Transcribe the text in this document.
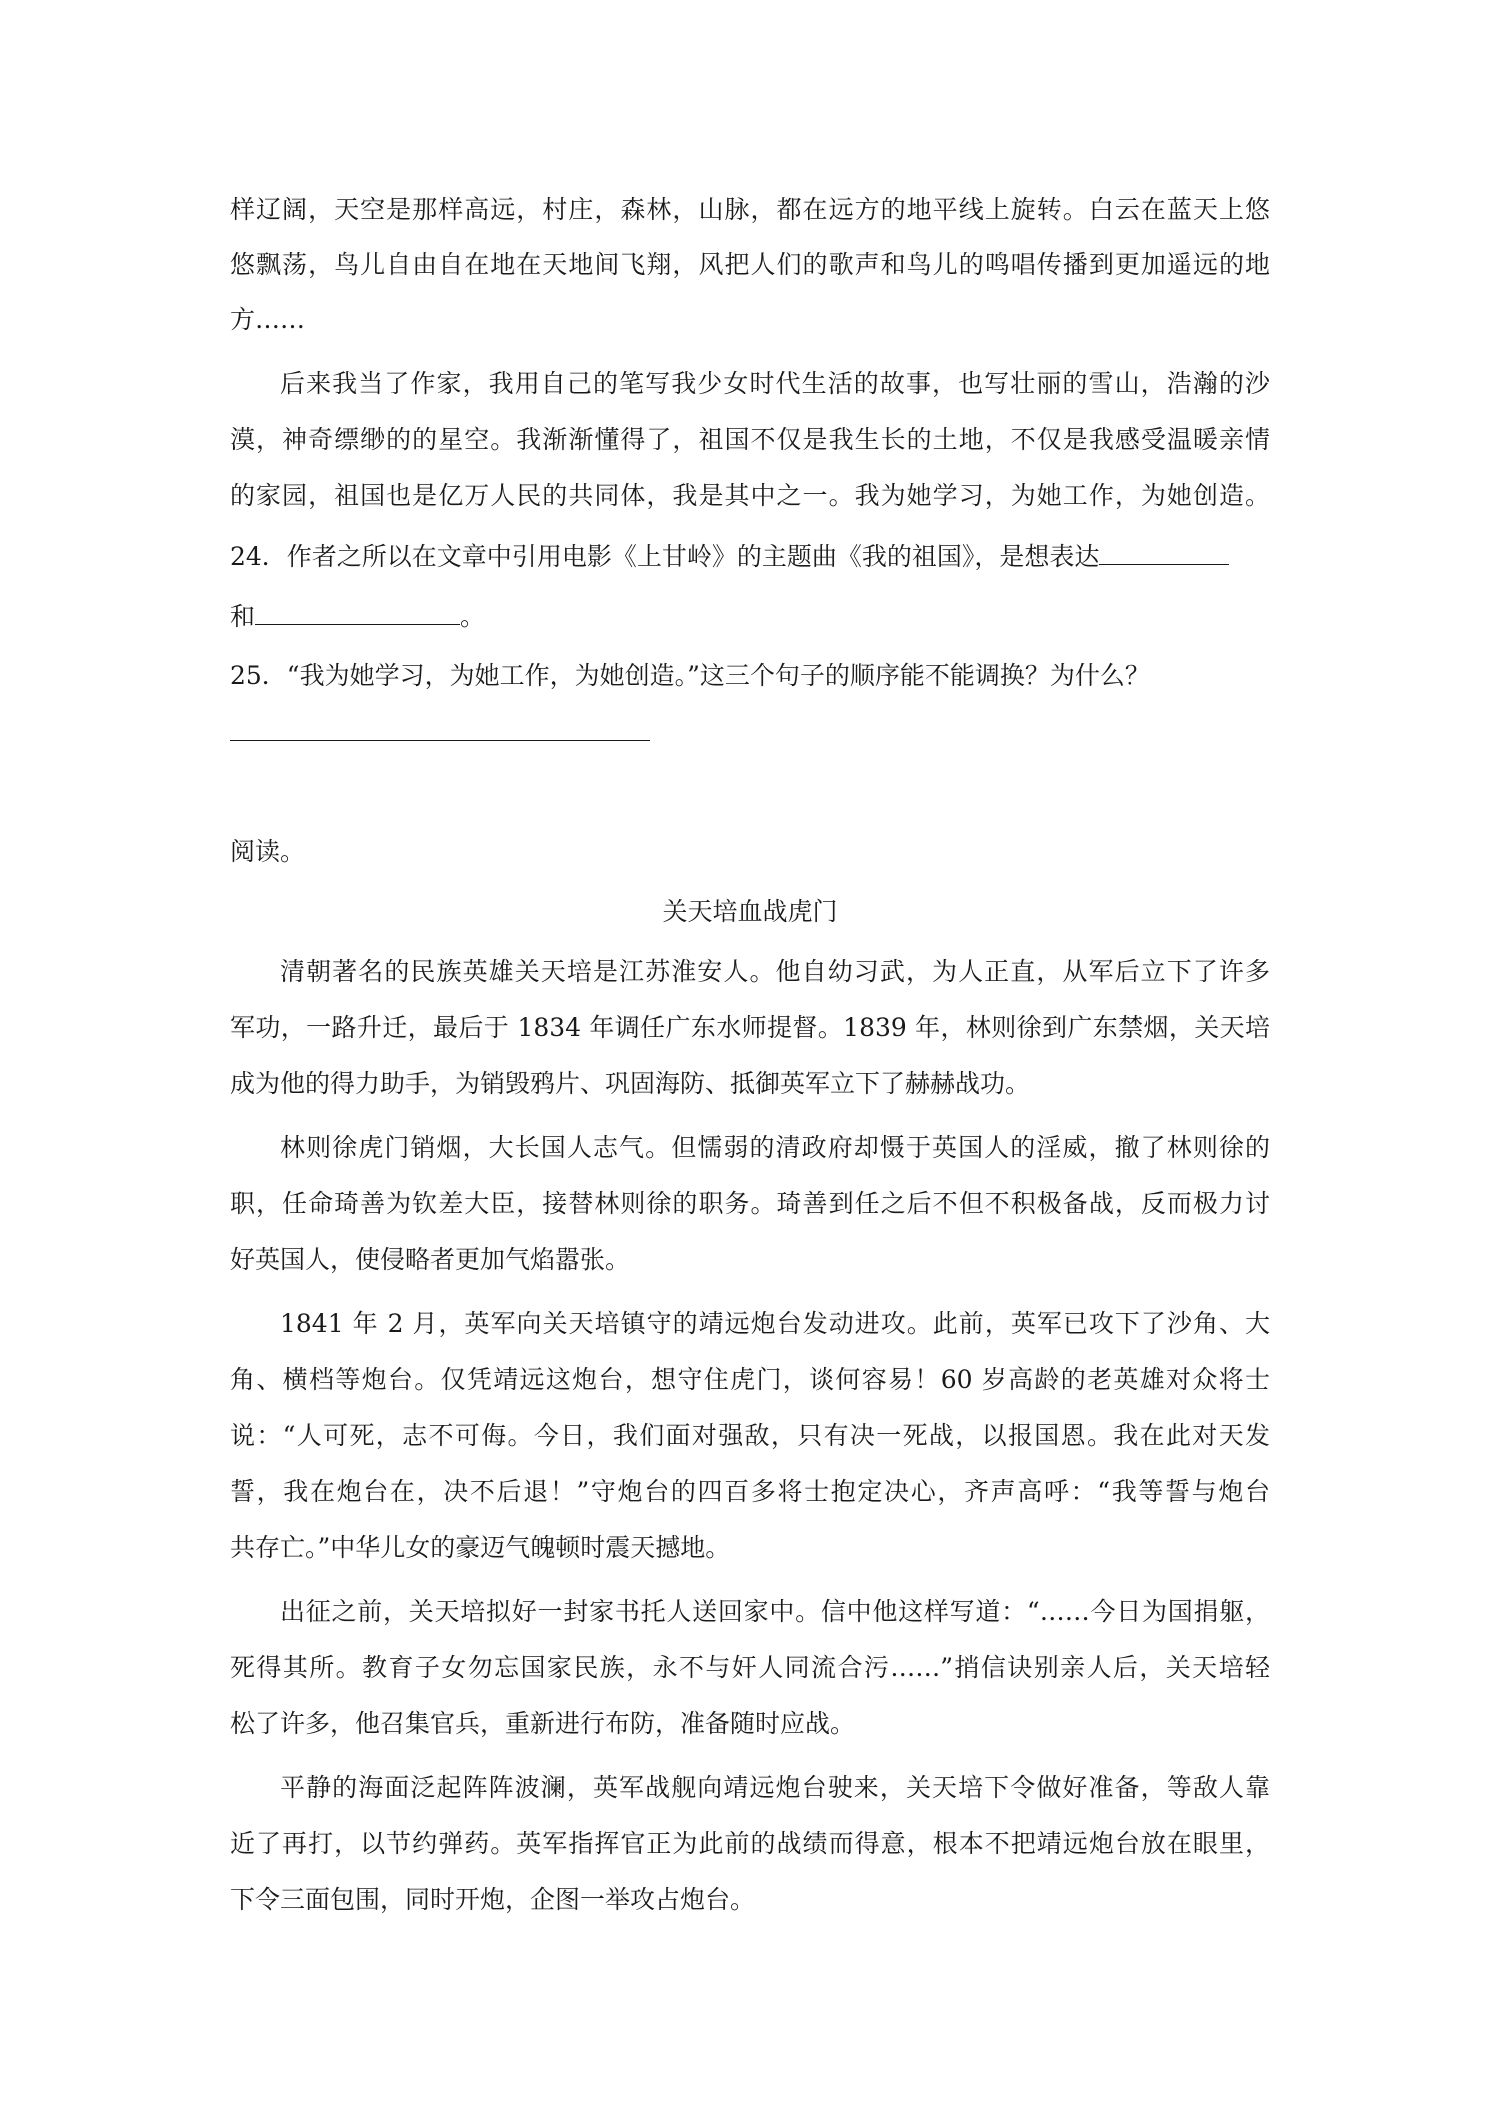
样辽阔，天空是那样高远，村庄，森林，山脉，都在远方的地平线上旋转。白云在蓝天上悠
悠飘荡，鸟儿自由自在地在天地间飞翔，风把人们的歌声和鸟儿的鸣唱传播到更加遥远的地
方……
后来我当了作家，我用自己的笔写我少女时代生活的故事，也写壮丽的雪山，浩瀚的沙
漠，神奇缥缈的的星空。我渐渐懂得了，祖国不仅是我生长的土地，不仅是我感受温暖亲情
的家园，祖国也是亿万人民的共同体，我是其中之一。我为她学习，为她工作，为她创造。
24．作者之所以在文章中引用电影《上甘岭》的主题曲《我的祖国》，是想表达
和	。
25．“我为她学习，为她工作，为她创造。”这三个句子的顺序能不能调换？为什么？
阅读。
关天培血战虎门
清朝著名的民族英雄关天培是江苏淮安人。他自幼习武，为人正直，从军后立下了许多
军功，一路升迁，最后于 1834 年调任广东水师提督。1839 年，林则徐到广东禁烟，关天培
成为他的得力助手，为销毁鸦片、巩固海防、抵御英军立下了赫赫战功。
林则徐虎门销烟，大长国人志气。但懦弱的清政府却慑于英国人的淫威，撤了林则徐的
职，任命琦善为钦差大臣，接替林则徐的职务。琦善到任之后不但不积极备战，反而极力讨
好英国人，使侵略者更加气焰嚣张。
1841 年 2 月，英军向关天培镇守的靖远炮台发动进攻。此前，英军已攻下了沙角、大
角、横档等炮台。仅凭靖远这炮台，想守住虎门，谈何容易！60 岁高龄的老英雄对众将士
说：“人可死，志不可侮。今日，我们面对强敌，只有决一死战，以报国恩。我在此对天发
誓，我在炮台在，决不后退！”守炮台的四百多将士抱定决心，齐声高呼：“我等誓与炮台
共存亡。”中华儿女的豪迈气魄顿时震天撼地。
出征之前，关天培拟好一封家书托人送回家中。信中他这样写道：“……今日为国捐躯，
死得其所。教育子女勿忘国家民族，永不与奸人同流合污……”捎信诀别亲人后，关天培轻
松了许多，他召集官兵，重新进行布防，准备随时应战。
平静的海面泛起阵阵波澜，英军战舰向靖远炮台驶来，关天培下令做好准备，等敌人靠
近了再打，以节约弹药。英军指挥官正为此前的战绩而得意，根本不把靖远炮台放在眼里，
下令三面包围，同时开炮，企图一举攻占炮台。
